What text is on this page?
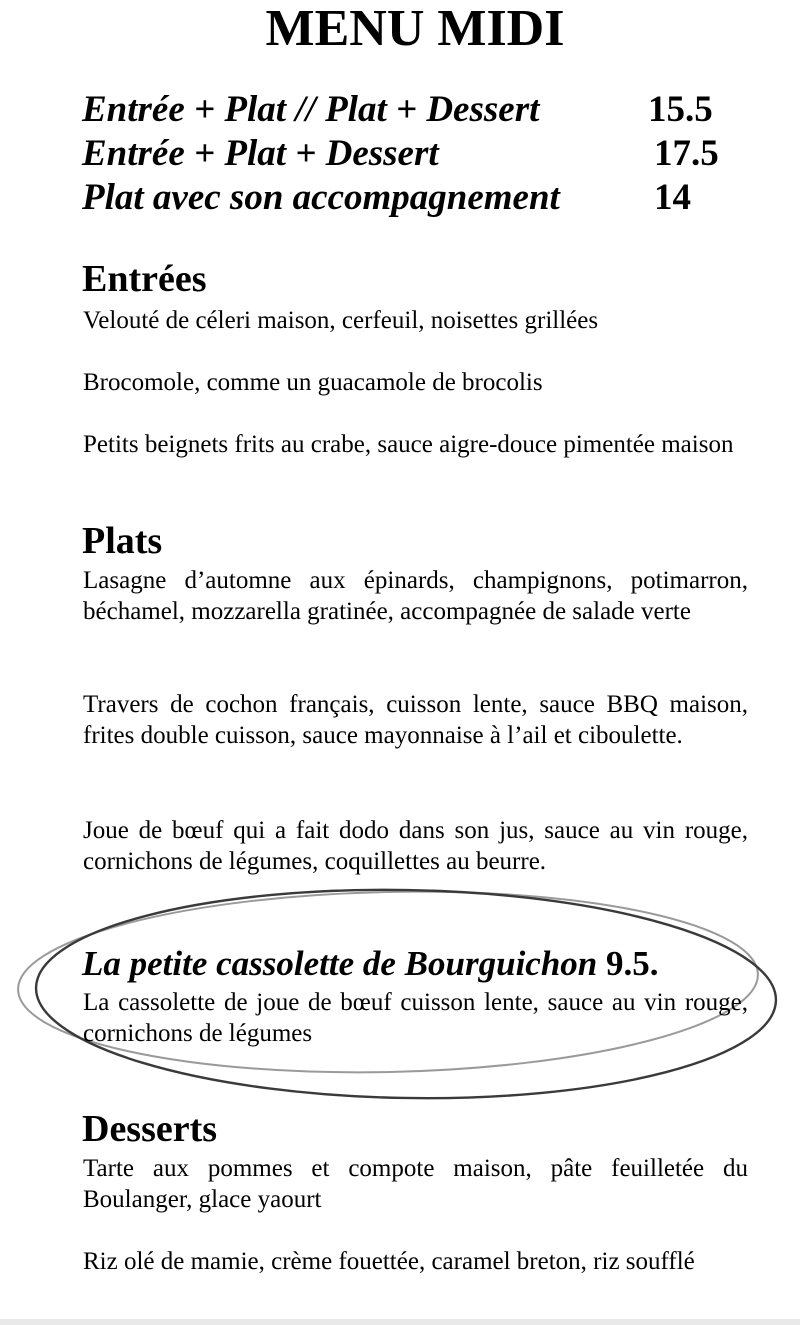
MENU MIDI
Entrée + Plat // Plat + Dessert	15.5
Entrée + Plat + Dessert	17.5
Plat avec son accompagnement	14
Entrées

Velouté de céleri maison, cerfeuil, noisettes grillées

Brocomole, comme un guacamole de brocolis

Petits beignets frits au crabe, sauce aigre-douce pimentée maison

Plats

Lasagne d’automne aux épinards, champignons, potimarron, béchamel, mozzarella gratinée, accompagnée de salade verte

Travers de cochon français, cuisson lente, sauce BBQ maison, frites double cuisson, sauce mayonnaise à l’ail et ciboulette.

Joue de bœuf qui a fait dodo dans son jus, sauce au vin rouge, cornichons de légumes, coquillettes au beurre.

La petite cassolette de Bourguichon 9.5.

La cassolette de joue de bœuf cuisson lente, sauce au vin rouge, cornichons de légumes

Desserts

Tarte aux pommes et compote maison, pâte feuilletée du Boulanger, glace yaourt

Riz olé de mamie, crème fouettée, caramel breton, riz soufflé
